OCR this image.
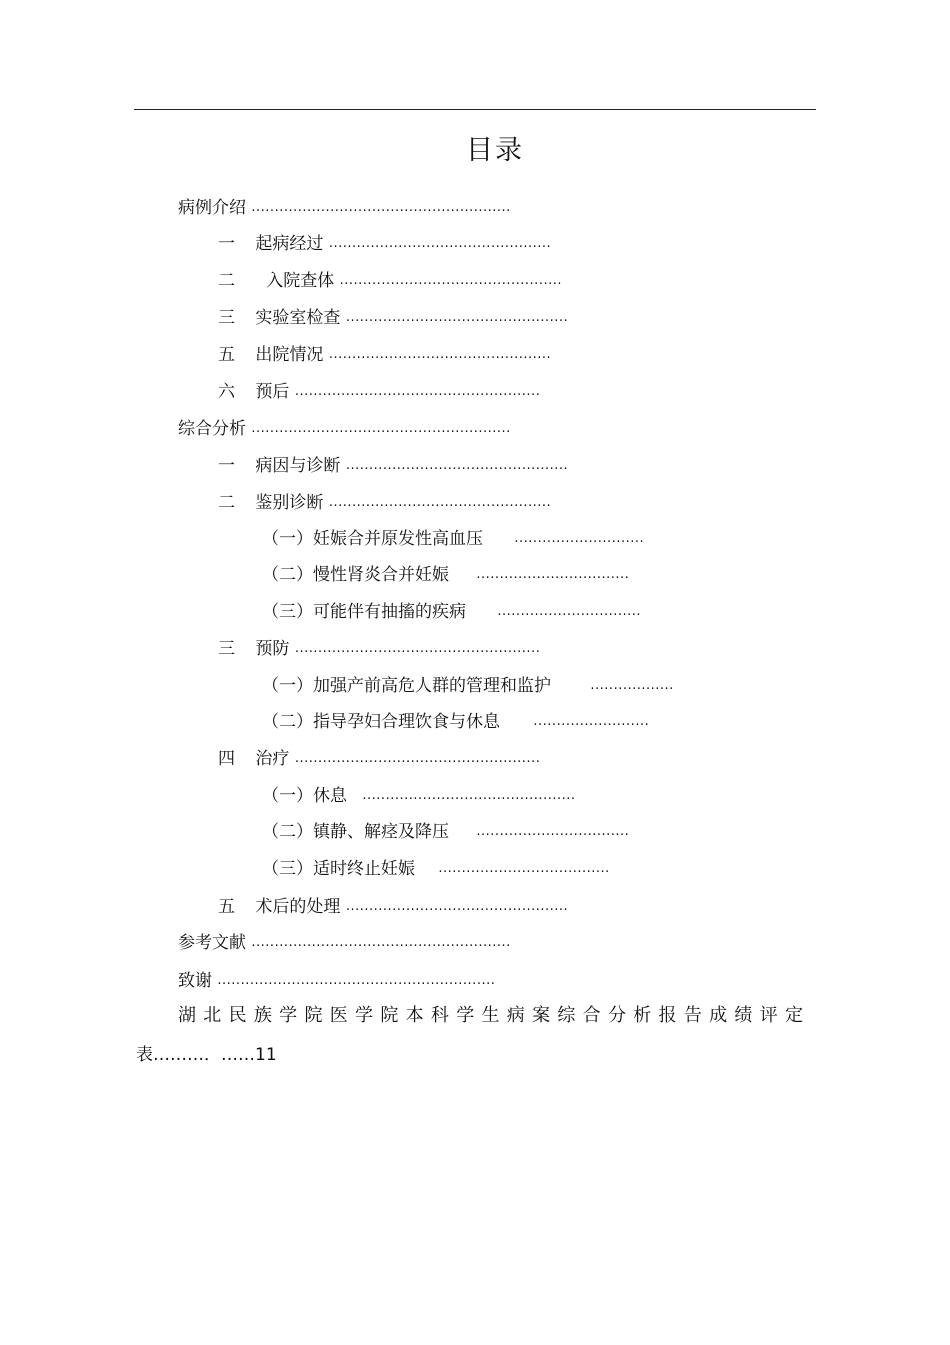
目录
病例介绍 ........................................................
一 起病经过 ................................................
二   入院查体 ................................................
三 实验室检查 ................................................
五 出院情况 ................................................
六 预后 .....................................................
综合分析 ........................................................
一 病因与诊断 ................................................
二 鉴别诊断 ................................................
（一）妊娠合并原发性高血压 ............................
（二）慢性肾炎合并妊娠 .................................
（三）可能伴有抽搐的疾病 ...............................
三 预防 .....................................................
（一）加强产前高危人群的管理和监护	..................
（二）指导孕妇合理饮食与休息	.........................
四 治疗 .....................................................
（一）休息 ..............................................
（二）镇静、解痉及降压 .................................
（三）适时终止妊娠 .....................................
五 术后的处理 ................................................
参考文献 ........................................................
致谢 ............................................................
湖北民族学院医学院本科学生病案综合分析报告成绩评定
表………．……11
